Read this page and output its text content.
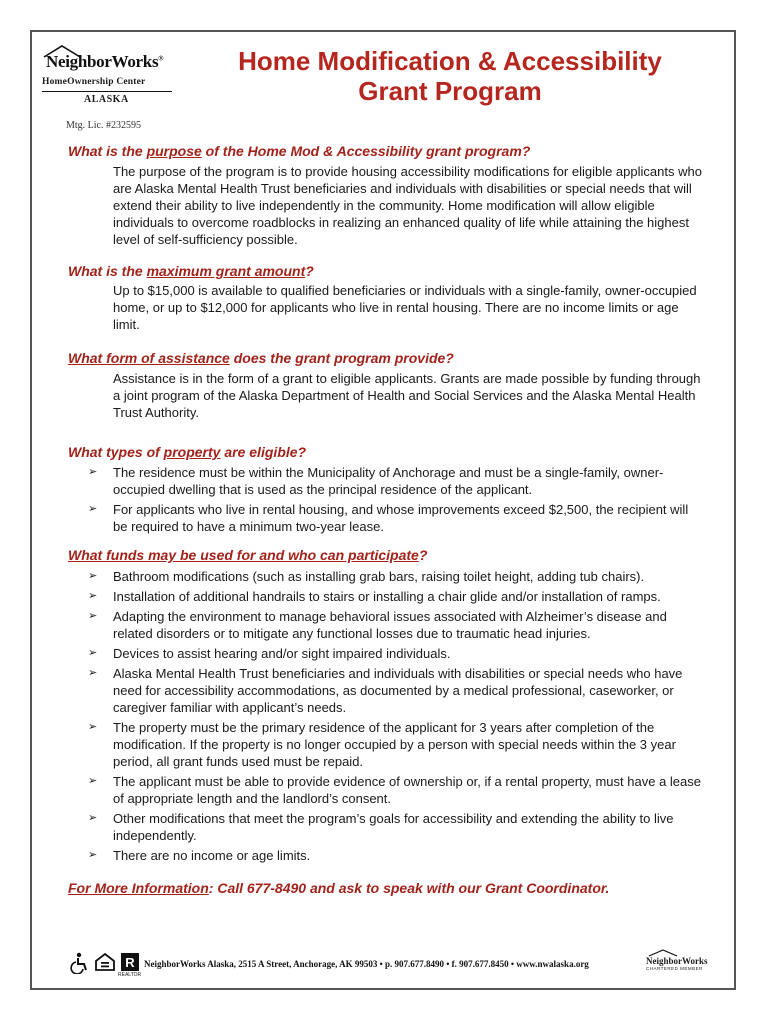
NeighborWorks®
HomeOwnership Center
ALASKA
Mtg. Lic. #232595
Home Modification & Accessibility
Grant Program
What is the purpose of the Home Mod & Accessibility grant program?
The purpose of the program is to provide housing accessibility modifications for eligible applicants who are Alaska Mental Health Trust beneficiaries and individuals with disabilities or special needs that will extend their ability to live independently in the community. Home modification will allow eligible individuals to overcome roadblocks in realizing an enhanced quality of life while attaining the highest level of self-sufficiency possible.
What is the maximum grant amount?
Up to $15,000 is available to qualified beneficiaries or individuals with a single-family, owner-occupied home, or up to $12,000 for applicants who live in rental housing. There are no income limits or age limit.
What form of assistance does the grant program provide?
Assistance is in the form of a grant to eligible applicants. Grants are made possible by funding through a joint program of the Alaska Department of Health and Social Services and the Alaska Mental Health Trust Authority.
What types of property are eligible?
➢ The residence must be within the Municipality of Anchorage and must be a single-family, owner-occupied dwelling that is used as the principal residence of the applicant.
➢ For applicants who live in rental housing, and whose improvements exceed $2,500, the recipient will be required to have a minimum two-year lease.
What funds may be used for and who can participate?
➢ Bathroom modifications (such as installing grab bars, raising toilet height, adding tub chairs).
➢ Installation of additional handrails to stairs or installing a chair glide and/or installation of ramps.
➢ Adapting the environment to manage behavioral issues associated with Alzheimer’s disease and related disorders or to mitigate any functional losses due to traumatic head injuries.
➢ Devices to assist hearing and/or sight impaired individuals.
➢ Alaska Mental Health Trust beneficiaries and individuals with disabilities or special needs who have need for accessibility accommodations, as documented by a medical professional, caseworker, or caregiver familiar with applicant’s needs.
➢ The property must be the primary residence of the applicant for 3 years after completion of the modification. If the property is no longer occupied by a person with special needs within the 3 year period, all grant funds used must be repaid.
➢ The applicant must be able to provide evidence of ownership or, if a rental property, must have a lease of appropriate length and the landlord’s consent.
➢ Other modifications that meet the program’s goals for accessibility and extending the ability to live independently.
➢ There are no income or age limits.
For More Information: Call 677-8490 and ask to speak with our Grant Coordinator.
R
REALTOR
NeighborWorks Alaska, 2515 A Street, Anchorage, AK 99503 • p. 907.677.8490 • f. 907.677.8450 • www.nwalaska.org	NeighborWorks
CHARTERED MEMBER
